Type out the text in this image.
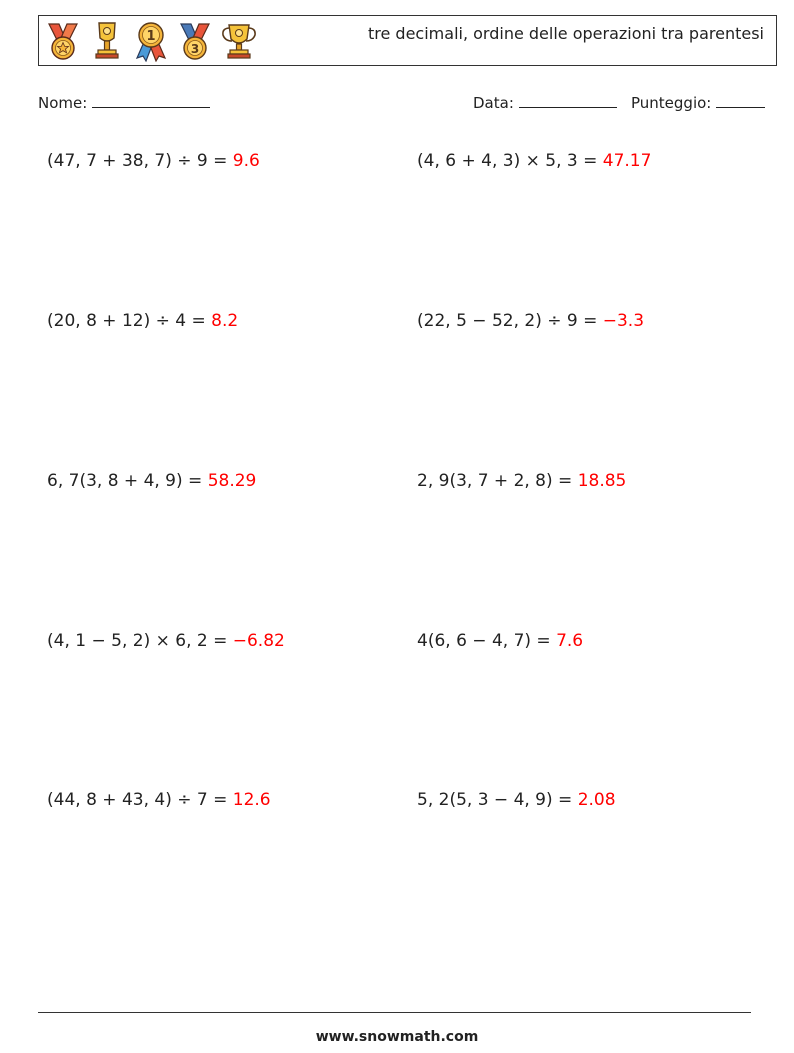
1
3
tre decimali, ordine delle operazioni tra parentesi
Nome:	Data:	Punteggio:
(47, 7 + 38, 7) ÷ 9 = 9.6	(4, 6 + 4, 3) × 5, 3 = 47.17
(20, 8 + 12) ÷ 4 = 8.2	(22, 5 − 52, 2) ÷ 9 = −3.3
6, 7(3, 8 + 4, 9) = 58.29	2, 9(3, 7 + 2, 8) = 18.85
(4, 1 − 5, 2) × 6, 2 = −6.82	4(6, 6 − 4, 7) = 7.6
(44, 8 + 43, 4) ÷ 7 = 12.6	5, 2(5, 3 − 4, 9) = 2.08
www.snowmath.com
